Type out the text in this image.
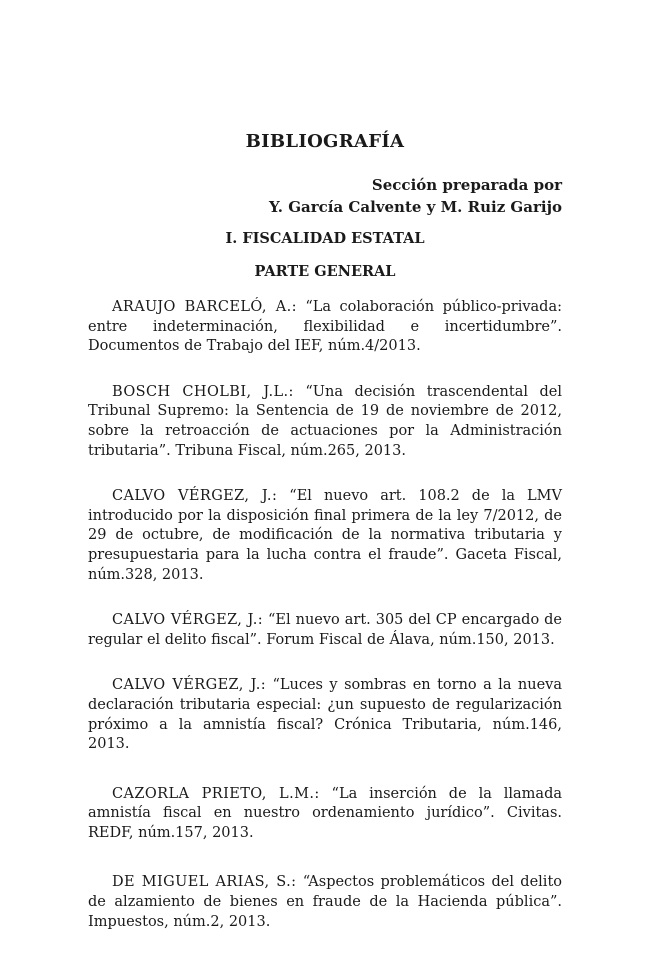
BIBLIOGRAFÍA
Sección preparada por
Y. García Calvente y M. Ruiz Garijo
I. FISCALIDAD ESTATAL
PARTE GENERAL

ARAUJO BARCELÓ, A.: “La colaboración público-privada: entre indeterminación, flexibilidad e incertidumbre”. Documentos de Trabajo del IEF, núm.4/2013.

BOSCH CHOLBI, J.L.: “Una decisión trascendental del Tribunal Supremo: la Sentencia de 19 de noviembre de 2012, sobre la retroacción de actuaciones por la Administración tributaria”. Tribuna Fiscal, núm.265, 2013.

CALVO VÉRGEZ, J.: “El nuevo art. 108.2 de la LMV introducido por la disposición final primera de la ley 7/2012, de 29 de octubre, de modificación de la normativa tributaria y presupuestaria para la lucha contra el fraude”. Gaceta Fiscal, núm.328, 2013.

CALVO VÉRGEZ, J.: “El nuevo art. 305 del CP encargado de regular el delito fiscal”. Forum Fiscal de Álava, núm.150, 2013.

CALVO VÉRGEZ, J.: “Luces y sombras en torno a la nueva declaración tributaria especial: ¿un supuesto de regularización próximo a la amnistía fiscal? Crónica Tributaria, núm.146, 2013.

CAZORLA PRIETO, L.M.: “La inserción de la llamada amnistía fiscal en nuestro ordenamiento jurídico”. Civitas. REDF, núm.157, 2013.

DE MIGUEL ARIAS, S.: “Aspectos problemáticos del delito de alzamiento de bienes en fraude de la Hacienda pública”. Impuestos, núm.2, 2013.
